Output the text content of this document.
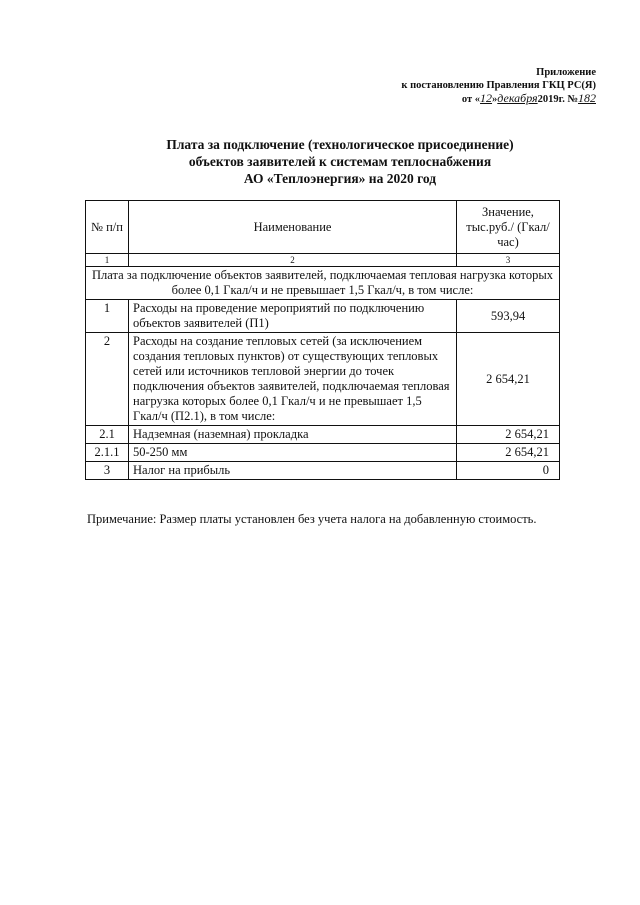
Приложение
к постановлению Правления ГКЦ РС(Я)
от «12»декабря2019г. №182
Плата за подключение (технологическое присоединение)
объектов заявителей к системам теплоснабжения
АО «Теплоэнергия» на 2020 год
№ п/п	Наименование	Значение, тыс.руб./ (Гкал/час)
1	2	3
Плата за подключение объектов заявителей, подключаемая тепловая нагрузка которых более 0,1 Гкал/ч и не превышает 1,5 Гкал/ч, в том числе:		
1	Расходы на проведение мероприятий по подключению объектов заявителей (П1)	593,94
2	Расходы на создание тепловых сетей (за исключением создания тепловых пунктов) от существующих тепловых сетей или источников тепловой энергии до точек подключения объектов заявителей, подключаемая тепловая нагрузка которых более 0,1 Гкал/ч и не превышает 1,5 Гкал/ч (П2.1), в том числе:	2 654,21
2.1	Надземная (наземная) прокладка	2 654,21
2.1.1	50-250 мм	2 654,21
3	Налог на прибыль	0
Примечание: Размер платы установлен без учета налога на добавленную стоимость.
